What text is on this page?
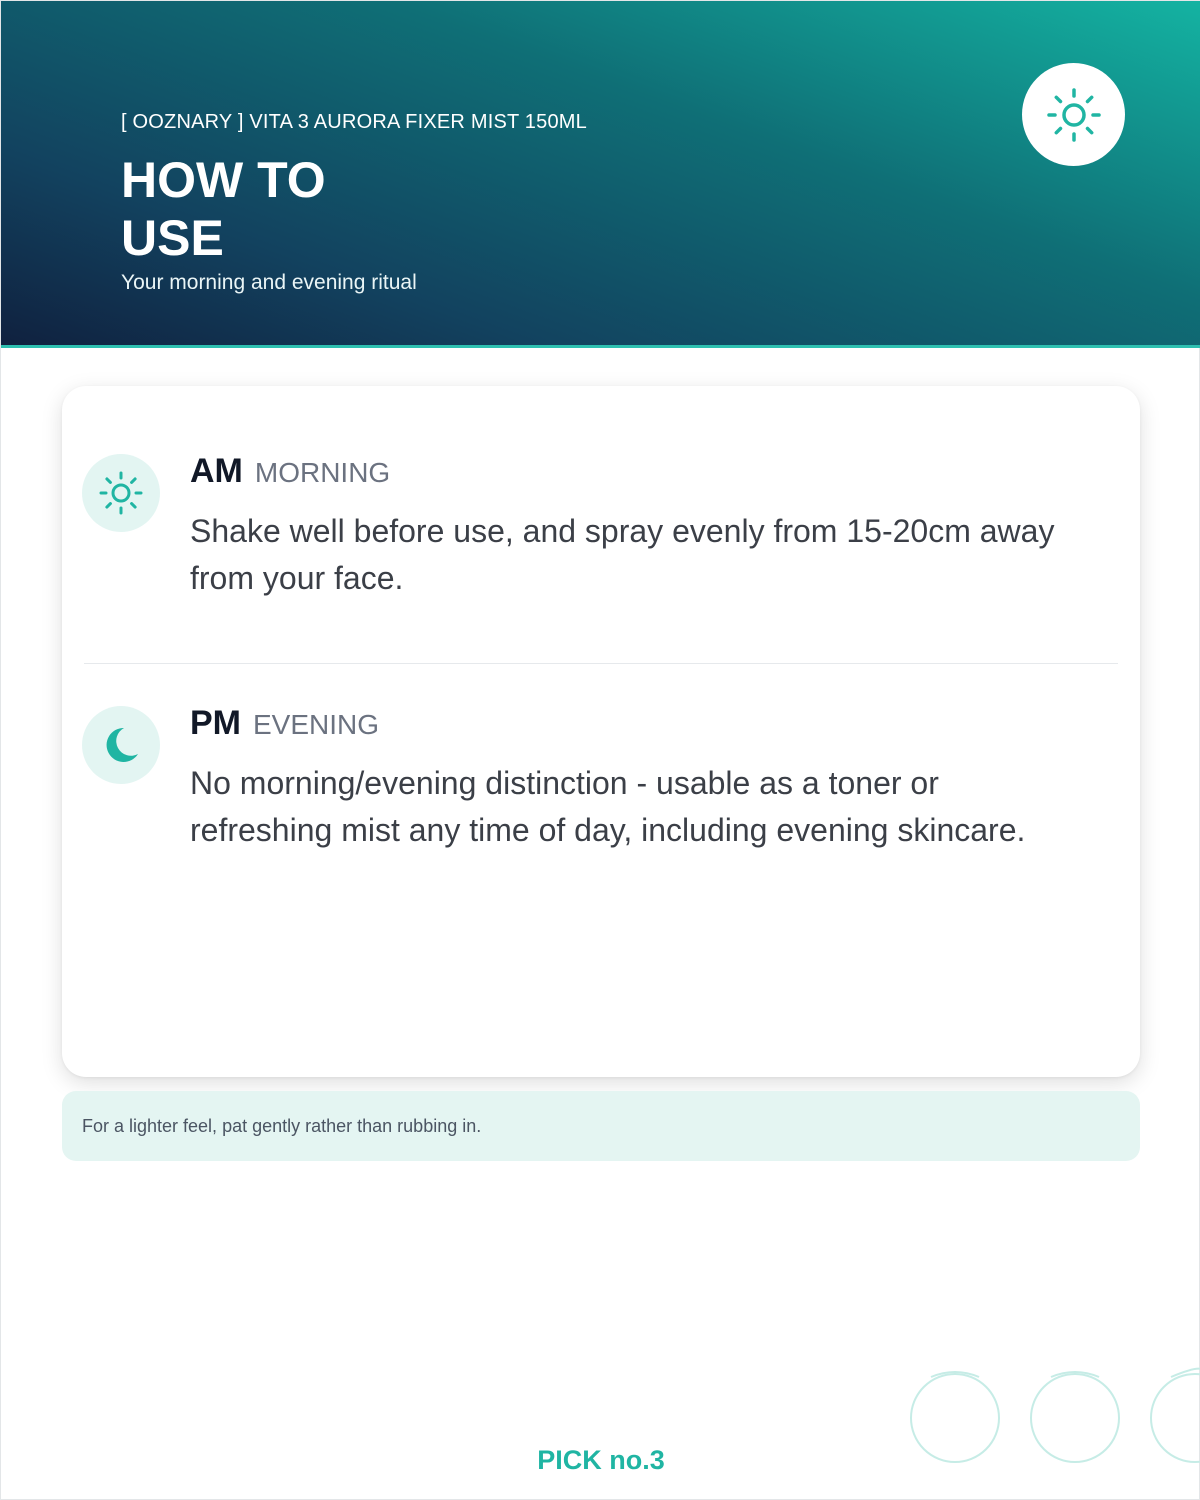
[ OOZNARY ] VITA 3 AURORA FIXER MIST 150ML
HOW TO USE
Your morning and evening ritual
AM MORNING
Shake well before use, and spray evenly from 15-20cm away from your face.
PM EVENING
No morning/evening distinction - usable as a toner or refreshing mist any time of day, including evening skincare.
For a lighter feel, pat gently rather than rubbing in.
PICK no.3
